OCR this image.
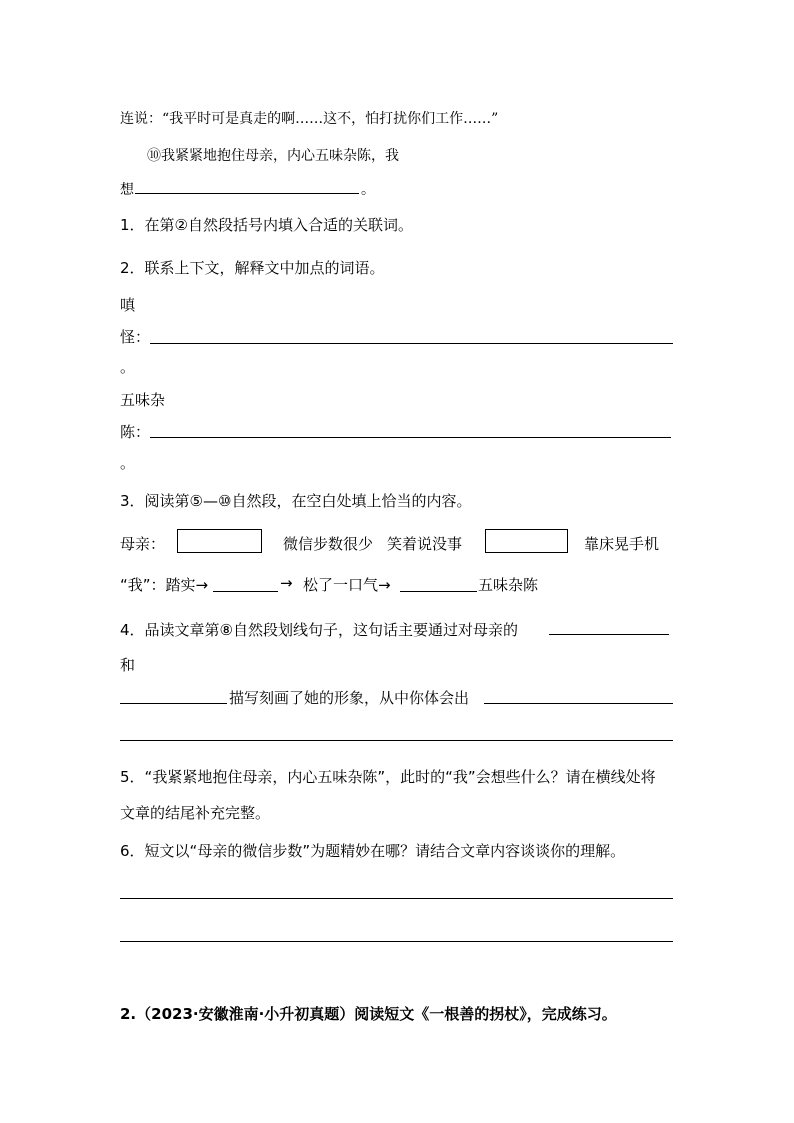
连说：“我平时可是真走的啊……这不，怕打扰你们工作……”
⑩我紧紧地抱住母亲，内心五味杂陈，我
想	。
1．在第②自然段括号内填入合适的关联词。
2．联系上下文，解释文中加点的词语。
嗔
怪：
。
五味杂
陈：
。
3．阅读第⑤—⑩自然段，在空白处填上恰当的内容。
母亲：	微信步数很少 笑着说没事	靠床晃手机
“我”：踏实→	→ 松了一口气→	五味杂陈
4．品读文章第⑧自然段划线句子，这句话主要通过对母亲的
和
描写刻画了她的形象，从中你体会出
5．“我紧紧地抱住母亲，内心五味杂陈”，此时的“我”会想些什么？请在横线处将
文章的结尾补充完整。
6．短文以“母亲的微信步数”为题精妙在哪？请结合文章内容谈谈你的理解。
2.（2023·安徽淮南·小升初真题）阅读短文《一根善的拐杖》，完成练习。
